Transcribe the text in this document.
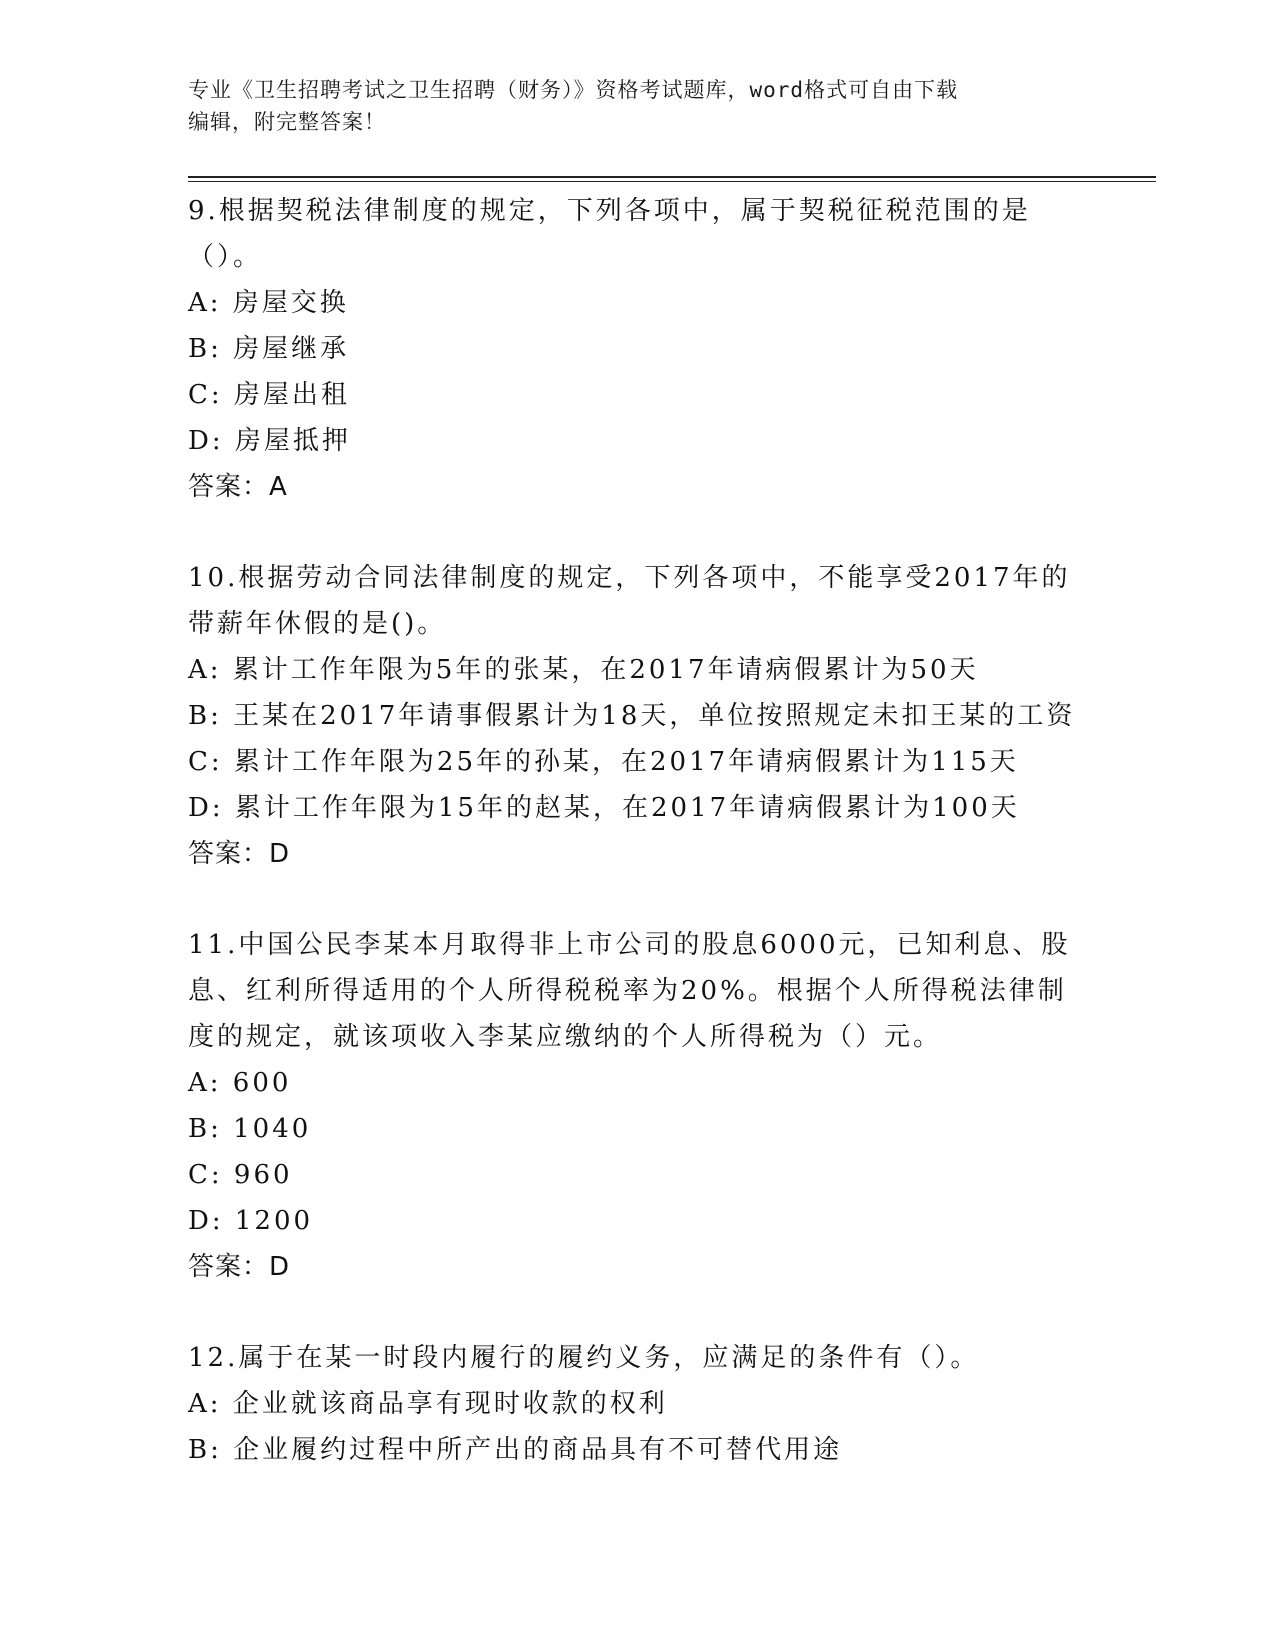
专业《卫生招聘考试之卫生招聘（财务）》资格考试题库，word格式可自由下载
编辑，附完整答案！
9.根据契税法律制度的规定，下列各项中，属于契税征税范围的是（）。
A: 房屋交换
B: 房屋继承
C: 房屋出租
D: 房屋抵押
答案：A
10.根据劳动合同法律制度的规定，下列各项中，不能享受2017年的带薪年休假的是()。
A: 累计工作年限为5年的张某，在2017年请病假累计为50天
B: 王某在2017年请事假累计为18天，单位按照规定未扣王某的工资
C: 累计工作年限为25年的孙某，在2017年请病假累计为115天
D: 累计工作年限为15年的赵某，在2017年请病假累计为100天
答案：D
11.中国公民李某本月取得非上市公司的股息6000元，已知利息、股息、红利所得适用的个人所得税税率为20%。根据个人所得税法律制度的规定，就该项收入李某应缴纳的个人所得税为（）元。
A: 600
B: 1040
C: 960
D: 1200
答案：D
12.属于在某一时段内履行的履约义务，应满足的条件有（）。
A: 企业就该商品享有现时收款的权利
B: 企业履约过程中所产出的商品具有不可替代用途
